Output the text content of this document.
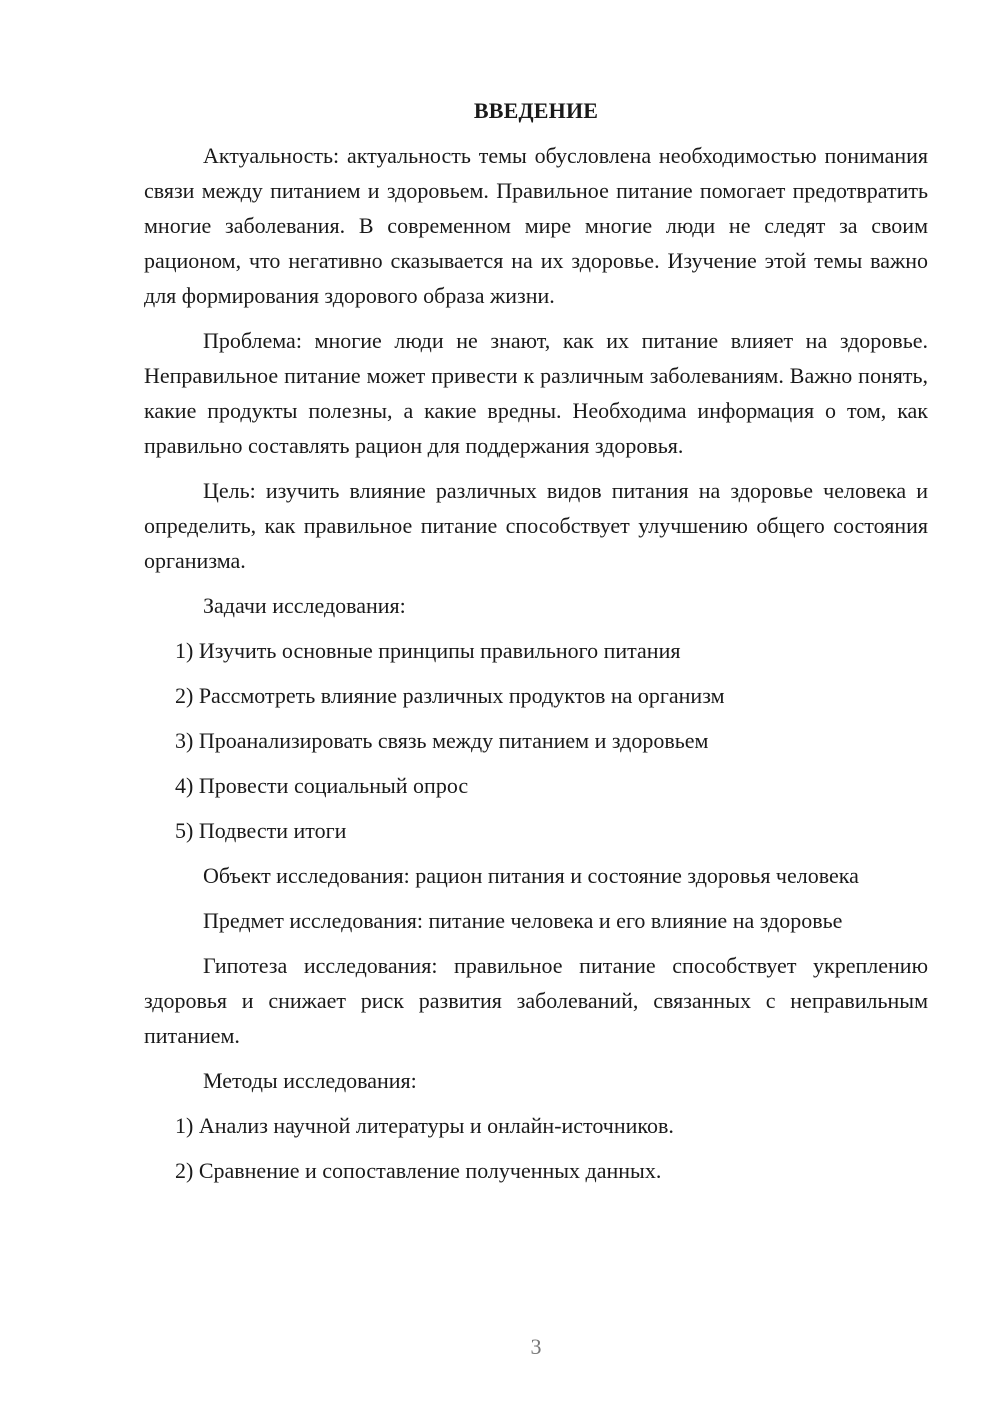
ВВЕДЕНИЕ

Актуальность: актуальность темы обусловлена необходимостью понимания связи между питанием и здоровьем. Правильное питание помогает предотвратить многие заболевания. В современном мире многие люди не следят за своим рационом, что негативно сказывается на их здоровье. Изучение этой темы важно для формирования здорового образа жизни.

Проблема: многие люди не знают, как их питание влияет на здоровье. Неправильное питание может привести к различным заболеваниям. Важно понять, какие продукты полезны, а какие вредны. Необходима информация о том, как правильно составлять рацион для поддержания здоровья.

Цель: изучить влияние различных видов питания на здоровье человека и определить, как правильное питание способствует улучшению общего состояния организма.

Задачи исследования:

1) Изучить основные принципы правильного питания

2) Рассмотреть влияние различных продуктов на организм

3) Проанализировать связь между питанием и здоровьем

4) Провести социальный опрос

5) Подвести итоги

Объект исследования: рацион питания и состояние здоровья человека

Предмет исследования: питание человека и его влияние на здоровье

Гипотеза исследования: правильное питание способствует укреплению здоровья и снижает риск развития заболеваний, связанных с неправильным питанием.

Методы исследования:

1) Анализ научной литературы и онлайн-источников.

2) Сравнение и сопоставление полученных данных.

3
